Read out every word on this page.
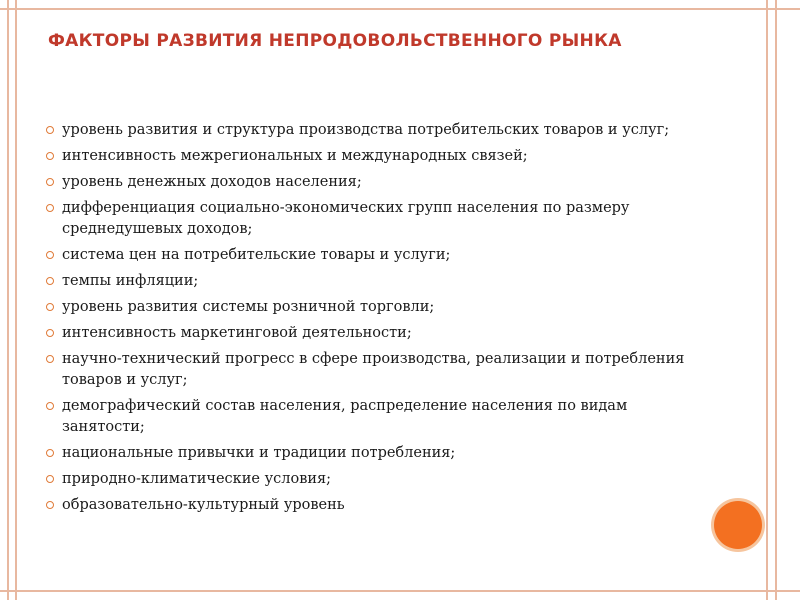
ФАКТОРЫ РАЗВИТИЯ НЕПРОДОВОЛЬСТВЕННОГО РЫНКА
уровень развития и структура производства потребительских товаров и услуг;
интенсивность межрегиональных и международных связей;
уровень денежных доходов населения;
дифференциация социально-экономических групп населения по размеру среднедушевых доходов;
система цен на потребительские товары и услуги;
темпы инфляции;
уровень развития системы розничной торговли;
интенсивность маркетинговой деятельности;
научно-технический прогресс в сфере производства, реализации и потребления товаров и услуг;
демографический состав населения, распределение населения по видам занятости;
национальные привычки и традиции потребления;
природно-климатические условия;
образовательно-культурный уровень
